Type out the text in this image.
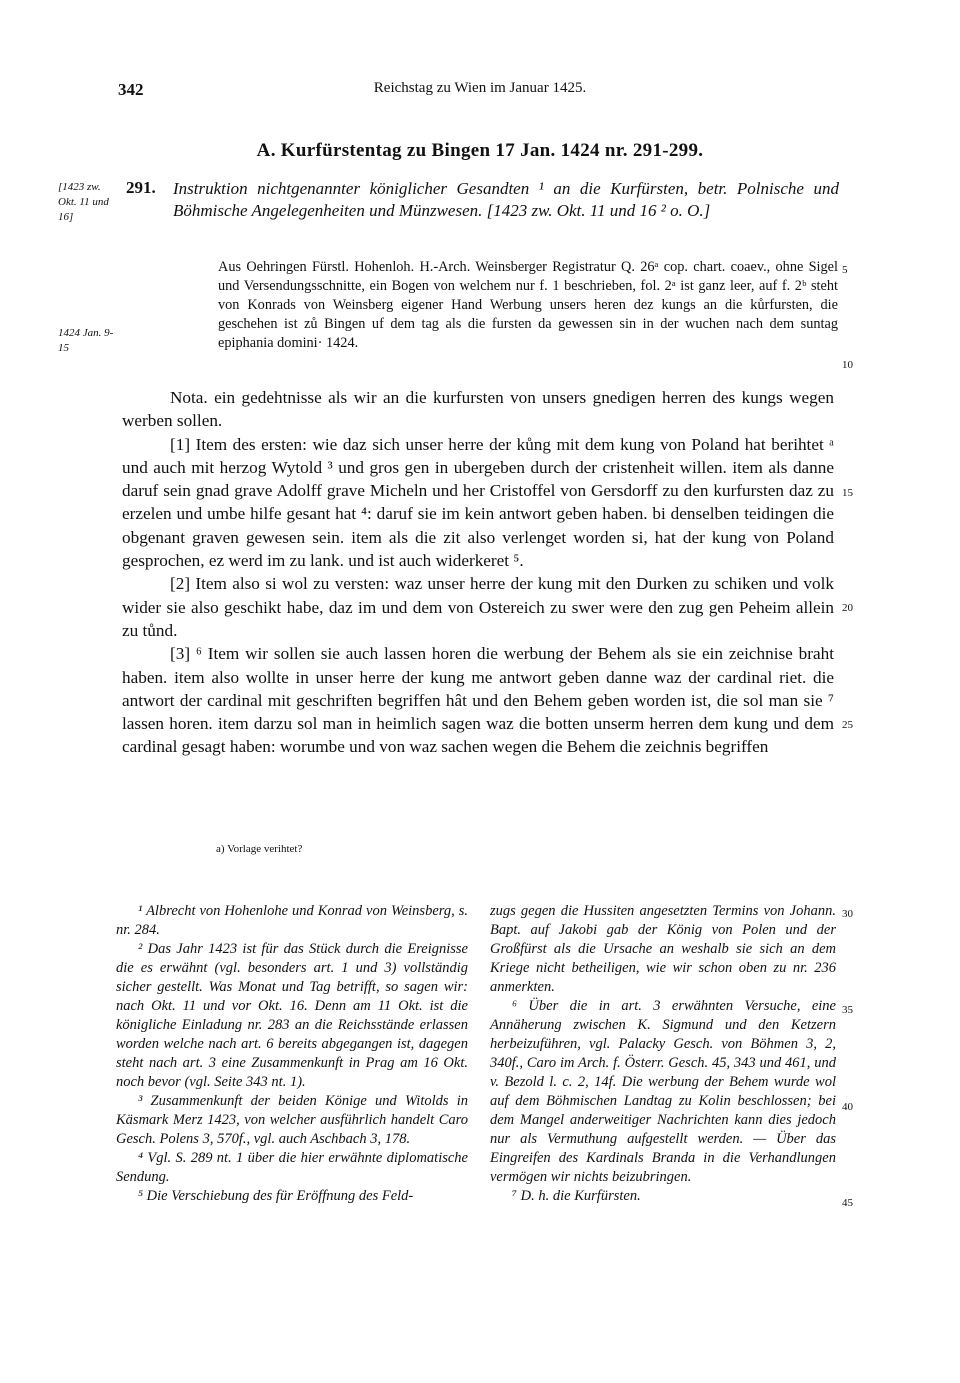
342	Reichstag zu Wien im Januar 1425.
A. Kurfürstentag zu Bingen 17 Jan. 1424 nr. 291-299.
[1423 zw. Okt. 11 und 16]
1424 Jan. 9-15
291. Instruktion nichtgenannter königlicher Gesandten ¹ an die Kurfürsten, betr. Polnische und Böhmische Angelegenheiten und Münzwesen. [1423 zw. Okt. 11 und 16 ² o. O.]

Aus Oehringen Fürstl. Hohenloh. H.-Arch. Weinsberger Registratur Q. 26ᵃ cop. chart. coaev., ohne Sigel und Versendungsschnitte, ein Bogen von welchem nur f. 1 beschrieben, fol. 2ᵃ ist ganz leer, auf f. 2ᵇ steht von Konrads von Weinsberg eigener Hand Werbung unsers heren dez kungs an die kůrfursten, die geschehen ist zů Bingen uf dem tag als die fursten da gewessen sin in der wuchen nach dem suntag epiphania domini· 1424.

5
10
15
20
25
30
35
40
45

Nota. ein gedehtnisse als wir an die kurfursten von unsers gnedigen herren des kungs wegen werben sollen.

[1] Item des ersten: wie daz sich unser herre der kůng mit dem kung von Poland hat berihtet ᵃ und auch mit herzog Wytold ³ und gros gen in ubergeben durch der cristenheit willen. item als danne daruf sein gnad grave Adolff grave Micheln und her Cristoffel von Gersdorff zu den kurfursten daz zu erzelen und umbe hilfe gesant hat ⁴: daruf sie im kein antwort geben haben. bi denselben teidingen die obgenant graven gewesen sein. item als die zit also verlenget worden si, hat der kung von Poland gesprochen, ez werd im zu lank. und ist auch widerkeret ⁵.

[2] Item also si wol zu versten: waz unser herre der kung mit den Durken zu schiken und volk wider sie also geschikt habe, daz im und dem von Ostereich zu swer were den zug gen Peheim allein zu tůnd.

[3] ⁶ Item wir sollen sie auch lassen horen die werbung der Behem als sie ein zeichnise braht haben. item also wollte in unser herre der kung me antwort geben danne waz der cardinal riet. die antwort der cardinal mit geschriften begriffen hât und den Behem geben worden ist, die sol man sie ⁷ lassen horen. item darzu sol man in heimlich sagen waz die botten unserm herren dem kung und dem cardinal gesagt haben: worumbe und von waz sachen wegen die Behem die zeichnis begriffen

a) Vorlage verihtet?

¹ Albrecht von Hohenlohe und Konrad von Weinsberg, s. nr. 284.

² Das Jahr 1423 ist für das Stück durch die Ereignisse die es erwähnt (vgl. besonders art. 1 und 3) vollständig sicher gestellt. Was Monat und Tag betrifft, so sagen wir: nach Okt. 11 und vor Okt. 16. Denn am 11 Okt. ist die königliche Einladung nr. 283 an die Reichsstände erlassen worden welche nach art. 6 bereits abgegangen ist, dagegen steht nach art. 3 eine Zusammenkunft in Prag am 16 Okt. noch bevor (vgl. Seite 343 nt. 1).

³ Zusammenkunft der beiden Könige und Witolds in Käsmark Merz 1423, von welcher ausführlich handelt Caro Gesch. Polens 3, 570f., vgl. auch Aschbach 3, 178.

⁴ Vgl. S. 289 nt. 1 über die hier erwähnte diplomatische Sendung.

⁵ Die Verschiebung des für Eröffnung des Feld-

zugs gegen die Hussiten angesetzten Termins von Johann. Bapt. auf Jakobi gab der König von Polen und der Großfürst als die Ursache an weshalb sie sich an dem Kriege nicht betheiligen, wie wir schon oben zu nr. 236 anmerkten.

⁶ Über die in art. 3 erwähnten Versuche, eine Annäherung zwischen K. Sigmund und den Ketzern herbeizuführen, vgl. Palacky Gesch. von Böhmen 3, 2, 340f., Caro im Arch. f. Österr. Gesch. 45, 343 und 461, und v. Bezold l. c. 2, 14f. Die werbung der Behem wurde wol auf dem Böhmischen Landtag zu Kolin beschlossen; bei dem Mangel anderweitiger Nachrichten kann dies jedoch nur als Vermuthung aufgestellt werden. — Über das Eingreifen des Kardinals Branda in die Verhandlungen vermögen wir nichts beizubringen.

⁷ D. h. die Kurfürsten.
